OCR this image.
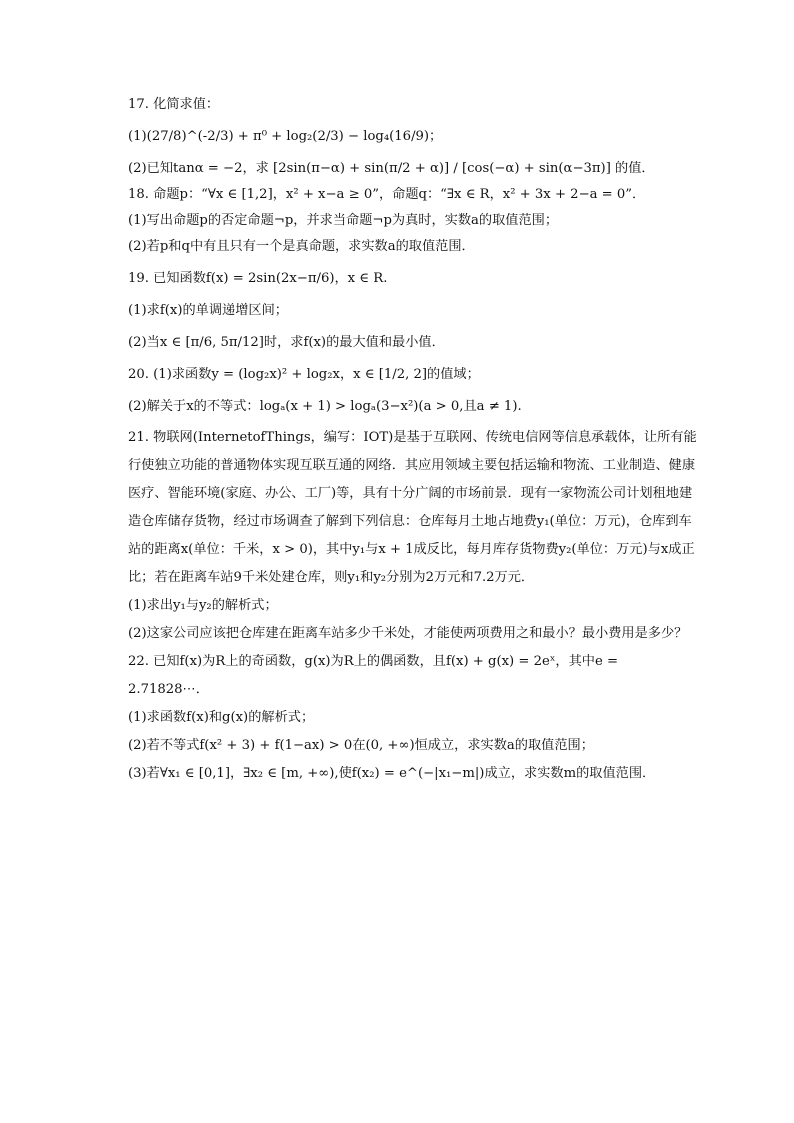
17. 化简求值：
(1)(27/8)^(-2/3) + π⁰ + log₂(2/3) − log₄(16/9)；
(2)已知tanα = −2，求 [2sin(π−α) + sin(π/2 + α)] / [cos(−α) + sin(α−3π)] 的值．
18. 命题p：“∀x ∈ [1,2]，x² + x−a ≥ 0”，命题q：“∃x ∈ R，x² + 3x + 2−a = 0”．
(1)写出命题p的否定命题¬p，并求当命题¬p为真时，实数a的取值范围；
(2)若p和q中有且只有一个是真命题，求实数a的取值范围．
19. 已知函数f(x) = 2sin(2x−π/6)，x ∈ R.
(1)求f(x)的单调递增区间；
(2)当x ∈ [π/6, 5π/12]时，求f(x)的最大值和最小值．
20. (1)求函数y = (log₂x)² + log₂x，x ∈ [1/2, 2]的值域；
(2)解关于x的不等式：logₐ(x + 1) > logₐ(3−x²)(a > 0,且a ≠ 1).
21. 物联网(InternetofThings，编写：IOT)是基于互联网、传统电信网等信息承载体，让所有能行使独立功能的普通物体实现互联互通的网络．其应用领域主要包括运输和物流、工业制造、健康医疗、智能环境(家庭、办公、工厂)等，具有十分广阔的市场前景．现有一家物流公司计划租地建造仓库储存货物，经过市场调查了解到下列信息：仓库每月土地占地费y₁(单位：万元)，仓库到车站的距离x(单位：千米，x > 0)，其中y₁与x + 1成反比，每月库存货物费y₂(单位：万元)与x成正比；若在距离车站9千米处建仓库，则y₁和y₂分别为2万元和7.2万元．
(1)求出y₁与y₂的解析式；
(2)这家公司应该把仓库建在距离车站多少千米处，才能使两项费用之和最小？最小费用是多少？
22. 已知f(x)为R上的奇函数，g(x)为R上的偶函数，且f(x) + g(x) = 2eˣ，其中e = 2.71828⋯．
(1)求函数f(x)和g(x)的解析式；
(2)若不等式f(x² + 3) + f(1−ax) > 0在(0, +∞)恒成立，求实数a的取值范围；
(3)若∀x₁ ∈ [0,1]，∃x₂ ∈ [m, +∞),使f(x₂) = e^(−|x₁−m|)成立，求实数m的取值范围．
